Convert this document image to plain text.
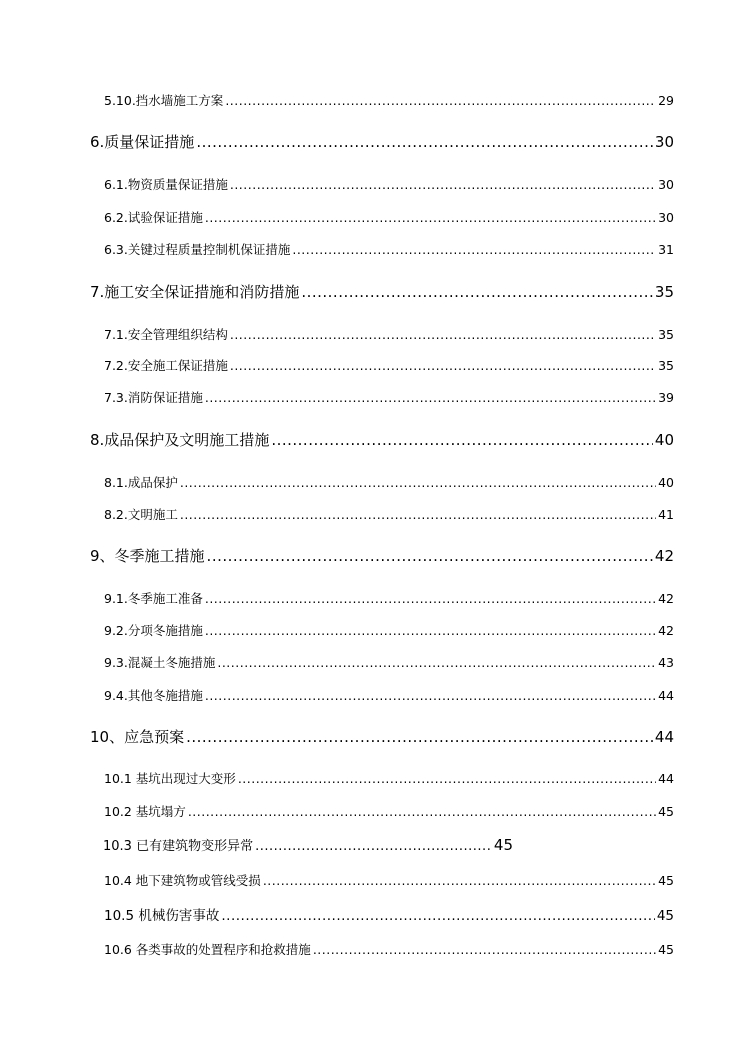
5.10.挡水墙施工方案 .....	29
6.质量保证措施 .....	30
6.1.物资质量保证措施 .....	30
6.2.试验保证措施 .....	30
6.3.关键过程质量控制机保证措施 .....	31
7.施工安全保证措施和消防措施 .....	35
7.1.安全管理组织结构 .....	35
7.2.安全施工保证措施 .....	35
7.3.消防保证措施 .....	39
8.成品保护及文明施工措施 .....	40
8.1.成品保护 .....	40
8.2.文明施工 .....	41
9、冬季施工措施 .....	42
9.1.冬季施工准备 .....	42
9.2.分项冬施措施 .....	42
9.3.混凝土冬施措施 .....	43
9.4.其他冬施措施 .....	44
10、应急预案 .....	44
10.1 基坑出现过大变形 .....	44
10.2 基坑塌方 .....	45
10.3 已有建筑物变形异常 .....	45
10.4 地下建筑物或管线受损 .....	45
10.5 机械伤害事故 .....	45
10.6 各类事故的处置程序和抢救措施 .....	45
